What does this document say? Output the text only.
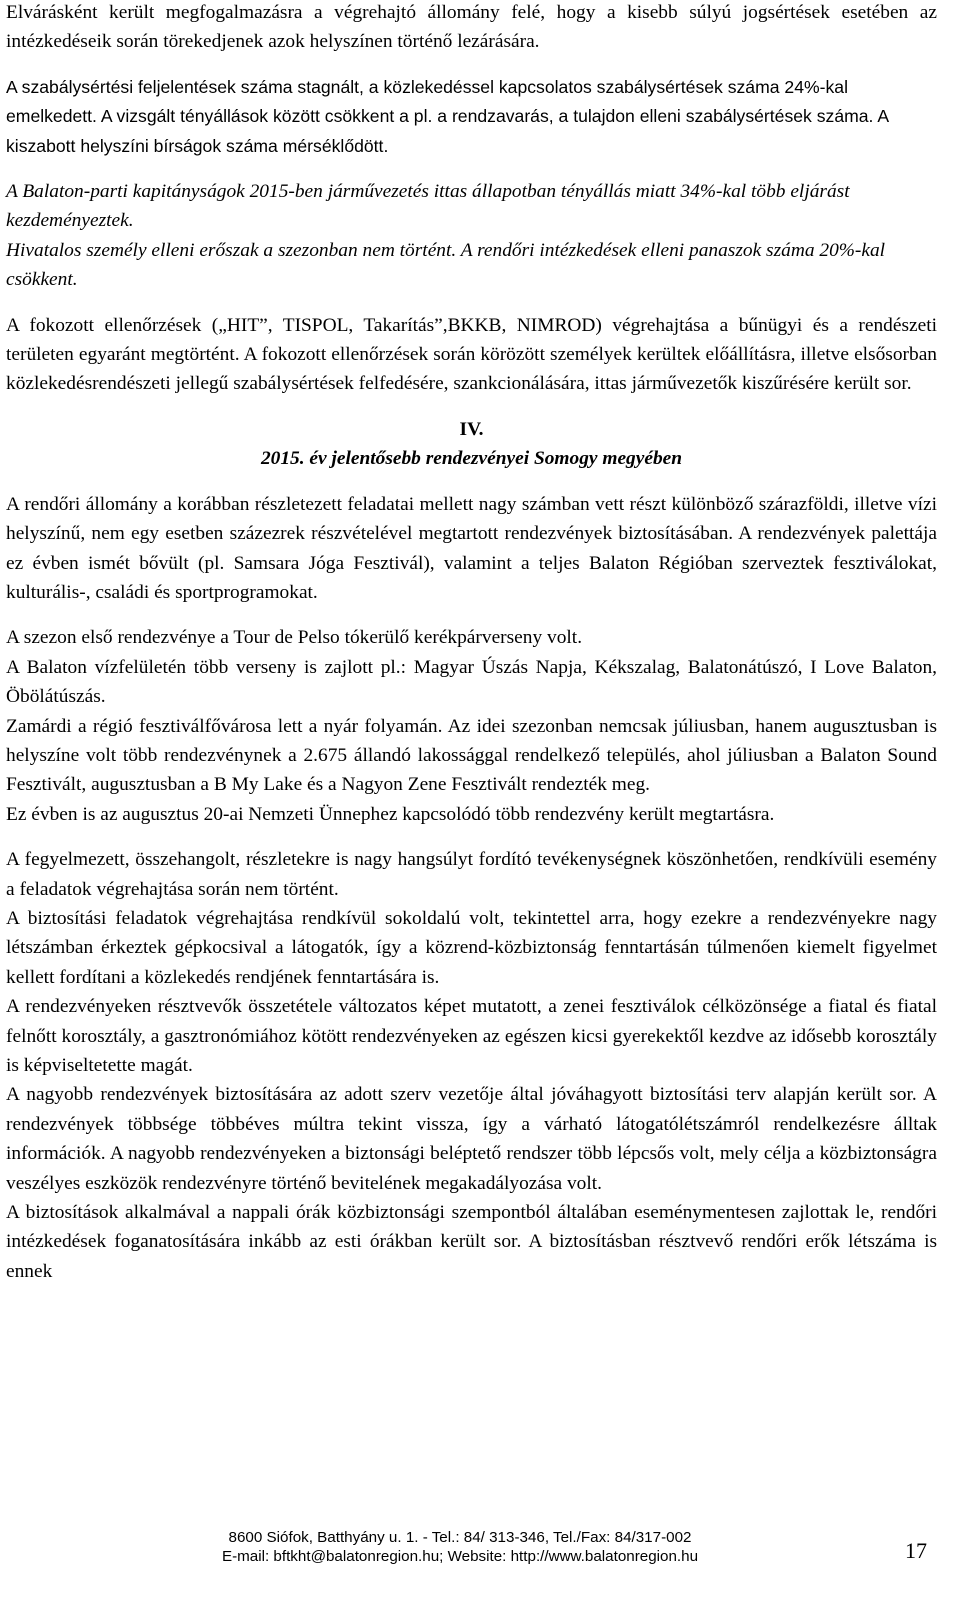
Elvárásként került megfogalmazásra a végrehajtó állomány felé, hogy a kisebb súlyú jogsértések esetében az intézkedéseik során törekedjenek azok helyszínen történő lezárására.

A szabálysértési feljelentések száma stagnált, a közlekedéssel kapcsolatos szabálysértések száma 24%-kal emelkedett. A vizsgált tényállások között csökkent a pl. a rendzavarás, a tulajdon elleni szabálysértések száma. A kiszabott helyszíni bírságok száma mérséklődött.

A Balaton-parti kapitányságok 2015-ben járművezetés ittas állapotban tényállás miatt 34%-kal több eljárást kezdeményeztek.

Hivatalos személy elleni erőszak a szezonban nem történt. A rendőri intézkedések elleni panaszok száma 20%-kal csökkent.

A fokozott ellenőrzések („HIT”, TISPOL, Takarítás”,BKKB, NIMROD) végrehajtása a bűnügyi és a rendészeti területen egyaránt megtörtént. A fokozott ellenőrzések során körözött személyek kerültek előállításra, illetve elsősorban közlekedésrendészeti jellegű szabálysértések felfedésére, szankcionálására, ittas járművezetők kiszűrésére került sor.

IV.

2015. év jelentősebb rendezvényei Somogy megyében

A rendőri állomány a korábban részletezett feladatai mellett nagy számban vett részt különböző szárazföldi, illetve vízi helyszínű, nem egy esetben százezrek részvételével megtartott rendezvények biztosításában. A rendezvények palettája ez évben ismét bővült (pl. Samsara Jóga Fesztivál), valamint a teljes Balaton Régióban szerveztek fesztiválokat, kulturális-, családi és sportprogramokat.

A szezon első rendezvénye a Tour de Pelso tókerülő kerékpárverseny volt.

A Balaton vízfelületén több verseny is zajlott pl.: Magyar Úszás Napja, Kékszalag, Balatonátúszó, I Love Balaton, Öbölátúszás.

Zamárdi a régió fesztiválfővárosa lett a nyár folyamán. Az idei szezonban nemcsak júliusban, hanem augusztusban is helyszíne volt több rendezvénynek a 2.675 állandó lakossággal rendelkező település, ahol júliusban a Balaton Sound Fesztivált, augusztusban a B My Lake és a Nagyon Zene Fesztivált rendezték meg.

Ez évben is az augusztus 20-ai Nemzeti Ünnephez kapcsolódó több rendezvény került megtartásra.

A fegyelmezett, összehangolt, részletekre is nagy hangsúlyt fordító tevékenységnek köszönhetően, rendkívüli esemény a feladatok végrehajtása során nem történt.

A biztosítási feladatok végrehajtása rendkívül sokoldalú volt, tekintettel arra, hogy ezekre a rendezvényekre nagy létszámban érkeztek gépkocsival a látogatók, így a közrend-közbiztonság fenntartásán túlmenően kiemelt figyelmet kellett fordítani a közlekedés rendjének fenntartására is.

A rendezvényeken résztvevők összetétele változatos képet mutatott, a zenei fesztiválok célközönsége a fiatal és fiatal felnőtt korosztály, a gasztronómiához kötött rendezvényeken az egészen kicsi gyerekektől kezdve az idősebb korosztály is képviseltetette magát.

A nagyobb rendezvények biztosítására az adott szerv vezetője által jóváhagyott biztosítási terv alapján került sor. A rendezvények többsége többéves múltra tekint vissza, így a várható látogatólétszámról rendelkezésre álltak információk. A nagyobb rendezvényeken a biztonsági beléptető rendszer több lépcsős volt, mely célja a közbiztonságra veszélyes eszközök rendezvényre történő bevitelének megakadályozása volt.

A biztosítások alkalmával a nappali órák közbiztonsági szempontból általában eseménymentesen zajlottak le, rendőri intézkedések foganatosítására inkább az esti órákban került sor. A biztosításban résztvevő rendőri erők létszáma is ennek

8600 Siófok, Batthyány u. 1. - Tel.: 84/ 313-346, Tel./Fax: 84/317-002
E-mail: bftkht@balatonregion.hu; Website: http://www.balatonregion.hu	17
